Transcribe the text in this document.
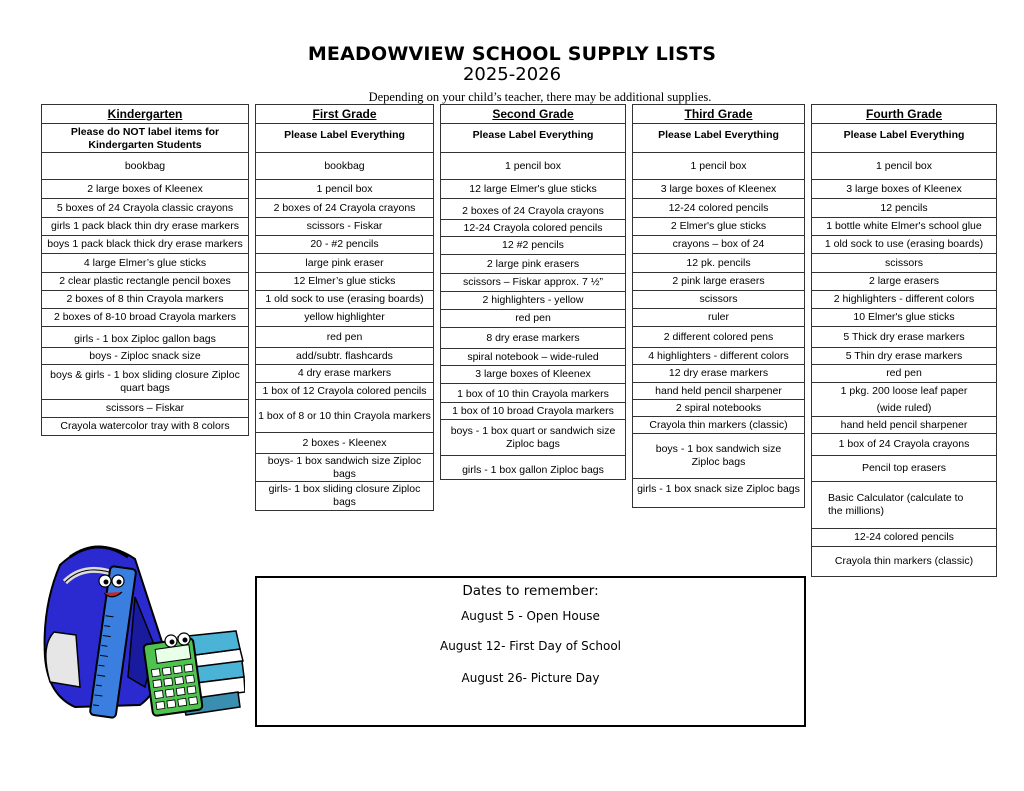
MEADOWVIEW SCHOOL SUPPLY LISTS
2025-2026
Depending on your child’s teacher, there may be additional supplies.
Kindergarten
Please do NOT label items for Kindergarten Students
bookbag
2 large boxes of Kleenex
5 boxes of 24 Crayola classic crayons
girls 1 pack black thin dry erase markers
boys 1 pack black thick dry erase markers
4 large Elmer’s glue sticks
2 clear plastic rectangle pencil boxes
2 boxes of 8 thin Crayola markers
2 boxes of 8-10 broad Crayola markers
girls - 1 box Ziploc gallon bags
boys - Ziploc snack size
boys & girls - 1 box sliding closure Ziploc quart bags
scissors – Fiskar
Crayola watercolor tray with 8 colors
First Grade
Please Label Everything
bookbag
1 pencil box
2 boxes of 24 Crayola crayons
scissors - Fiskar
20 - #2 pencils
large pink eraser
12 Elmer’s glue sticks
1 old sock to use (erasing boards)
yellow highlighter
red pen
add/subtr. flashcards
4 dry erase markers
1 box of 12 Crayola colored pencils
1 box of 8 or 10 thin Crayola markers
2 boxes - Kleenex
boys- 1 box sandwich size Ziploc bags
girls- 1 box sliding closure Ziploc bags
Second Grade
Please Label Everything
1 pencil box
12 large Elmer's glue sticks
2 boxes of 24 Crayola crayons
12-24 Crayola colored pencils
12 #2 pencils
2 large pink erasers
scissors – Fiskar approx. 7 ½”
2 highlighters - yellow
red pen
8 dry erase markers
spiral notebook – wide-ruled
3 large boxes of Kleenex
1 box of 10 thin Crayola markers
1 box of 10 broad Crayola markers
boys - 1 box quart or sandwich size Ziploc bags
girls - 1 box gallon Ziploc bags
Third Grade
Please Label Everything
1 pencil box
3 large boxes of Kleenex
12-24 colored pencils
2 Elmer's glue sticks
crayons – box of 24
12 pk. pencils
2 pink large erasers
scissors
ruler
2 different colored pens
4 highlighters - different colors
12 dry erase markers
hand held pencil sharpener
2 spiral notebooks
Crayola thin markers (classic)
boys - 1 box sandwich size Ziploc bags
girls - 1 box snack size Ziploc bags
Fourth Grade
Please Label Everything
1 pencil box
3 large boxes of Kleenex
12 pencils
1 bottle white Elmer's school glue
1 old sock to use (erasing boards)
scissors
2 large erasers
2 highlighters - different colors
10 Elmer's glue sticks
5 Thick dry erase markers
5 Thin dry erase markers
red pen
1 pkg. 200 loose leaf paper
(wide ruled)
hand held pencil sharpener
1 box of 24 Crayola crayons
Pencil top erasers
Basic Calculator (calculate to the millions)
12-24 colored pencils
Crayola thin markers (classic)
Dates to remember:
August 5 - Open House
August 12- First Day of School
August 26- Picture Day
